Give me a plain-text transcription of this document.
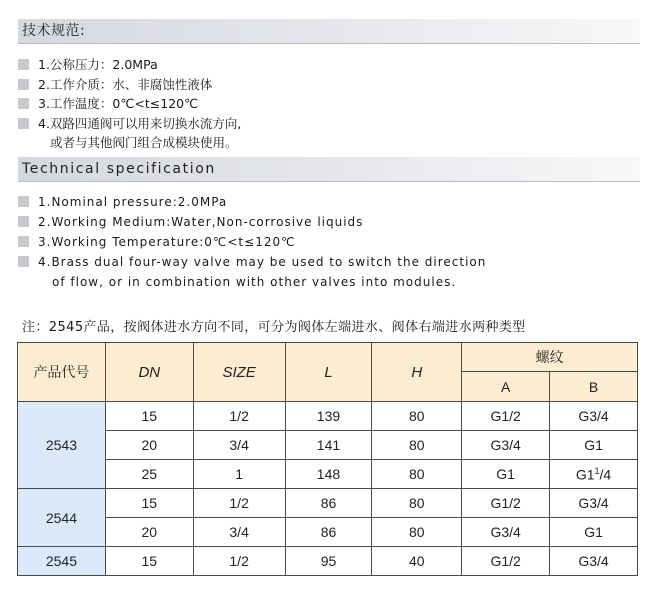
技术规范:
1.公称压力：2.0MPa
2.工作介质：水、非腐蚀性液体
3.工作温度：0℃<t≤120℃
4.双路四通阀可以用来切换水流方向,
或者与其他阀门组合成模块使用。
Technical specification
1.Nominal pressure:2.0MPa
2.Working Medium:Water,Non-corrosive liquids
3.Working Temperature:0℃<t≤120℃
4.Brass dual four-way valve may be used to switch the direction
of flow, or in combination with other valves into modules.
注：2545产品，按阀体进水方向不同，可分为阀体左端进水、阀体右端进水两种类型
产品代号	DN	SIZE	L	H	螺纹	
					A	B
2543	15	1/2	139	80	G1/2	G3/4
	20	3/4	141	80	G3/4	G1
	25	1	148	80	G1	$G1^1/4$
2544	15	1/2	86	80	G1/2	G3/4
	20	3/4	86	80	G3/4	G1
2545	15	1/2	95	40	G1/2	G3/4
